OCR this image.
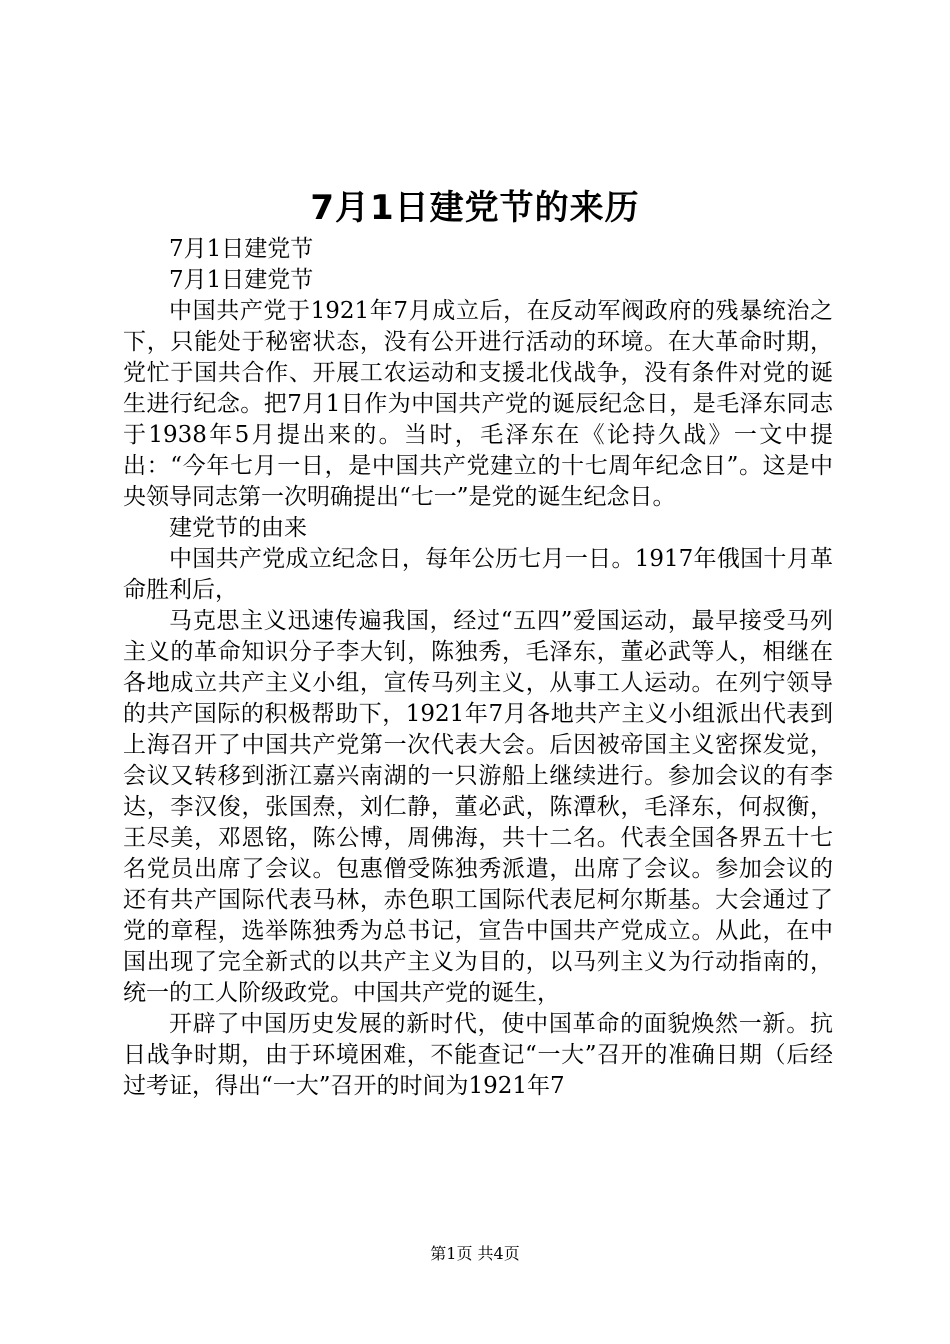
7月1日建党节的来历

7月1日建党节

7月1日建党节

中国共产党于1921年7月成立后，在反动军阀政府的残暴统治之下，只能处于秘密状态，没有公开进行活动的环境。在大革命时期，党忙于国共合作、开展工农运动和支援北伐战争，没有条件对党的诞生进行纪念。把7月1日作为中国共产党的诞辰纪念日，是毛泽东同志于1938年5月提出来的。当时，毛泽东在《论持久战》一文中提出：“今年七月一日，是中国共产党建立的十七周年纪念日”。这是中央领导同志第一次明确提出“七一”是党的诞生纪念日。

建党节的由来

中国共产党成立纪念日，每年公历七月一日。1917年俄国十月革命胜利后，

马克思主义迅速传遍我国，经过“五四”爱国运动，最早接受马列主义的革命知识分子李大钊，陈独秀，毛泽东，董必武等人，相继在各地成立共产主义小组，宣传马列主义，从事工人运动。在列宁领导的共产国际的积极帮助下，1921年7月各地共产主义小组派出代表到上海召开了中国共产党第一次代表大会。后因被帝国主义密探发觉，会议又转移到浙江嘉兴南湖的一只游船上继续进行。参加会议的有李达，李汉俊，张国焘，刘仁静，董必武，陈潭秋，毛泽东，何叔衡，王尽美，邓恩铭，陈公博，周佛海，共十二名。代表全国各界五十七名党员出席了会议。包惠僧受陈独秀派遣，出席了会议。参加会议的还有共产国际代表马林，赤色职工国际代表尼柯尔斯基。大会通过了党的章程，选举陈独秀为总书记，宣告中国共产党成立。从此，在中国出现了完全新式的以共产主义为目的，以马列主义为行动指南的，统一的工人阶级政党。中国共产党的诞生，

开辟了中国历史发展的新时代，使中国革命的面貌焕然一新。抗日战争时期，由于环境困难，不能查记“一大”召开的准确日期（后经过考证，得出“一大”召开的时间为1921年7

第1页 共4页
